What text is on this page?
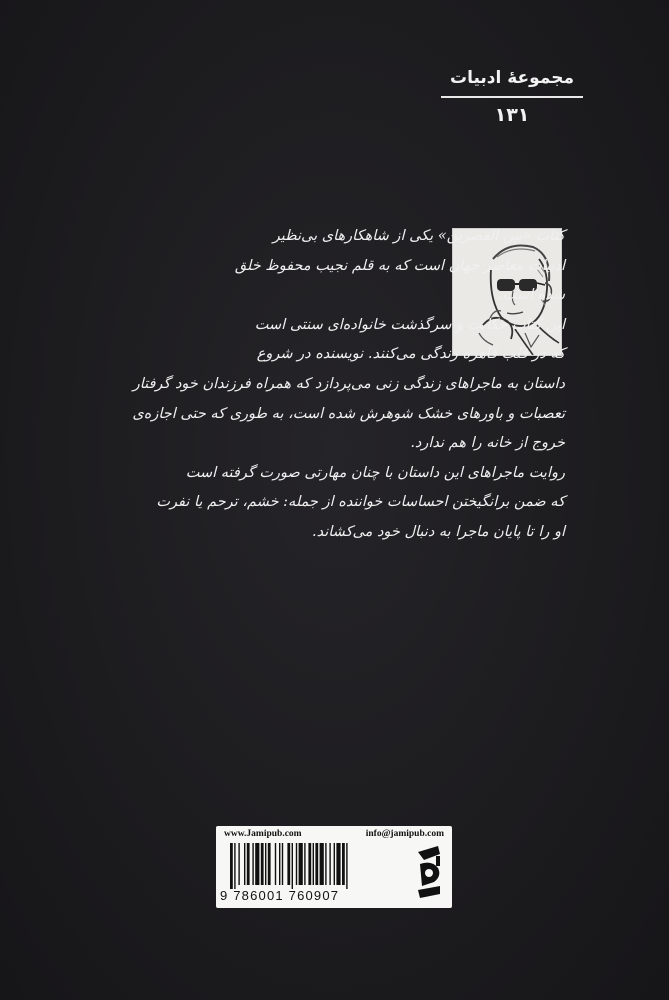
مجموعهٔ ادبیات
۱۳۱

کتاب «بین القصرین» یکی از شاهکارهای بی‌نظیر
ادبیات معاصر جهان است که به قلم نجیب محفوظ خلق
شده است.

این کتاب حکایت و سرگذشت خانواده‌ای سنتی است
که در قلب قاهره زندگی می‌کنند. نویسنده در شروع
داستان به ماجراهای زندگی زنی می‌پردازد که همراه فرزندان خود گرفتار
تعصبات و باورهای خشک شوهرش شده است، به طوری که حتی اجازه‌ی
خروج از خانه را هم ندارد.

روایت ماجراهای این داستان با چنان مهارتی صورت گرفته است
که ضمن برانگیختن احساسات خواننده از جمله: خشم، ترحم یا نفرت
او را تا پایان ماجرا به دنبال خود می‌کشاند.

www.Jamipub.com	info@jamipub.com
9 786001 760907
